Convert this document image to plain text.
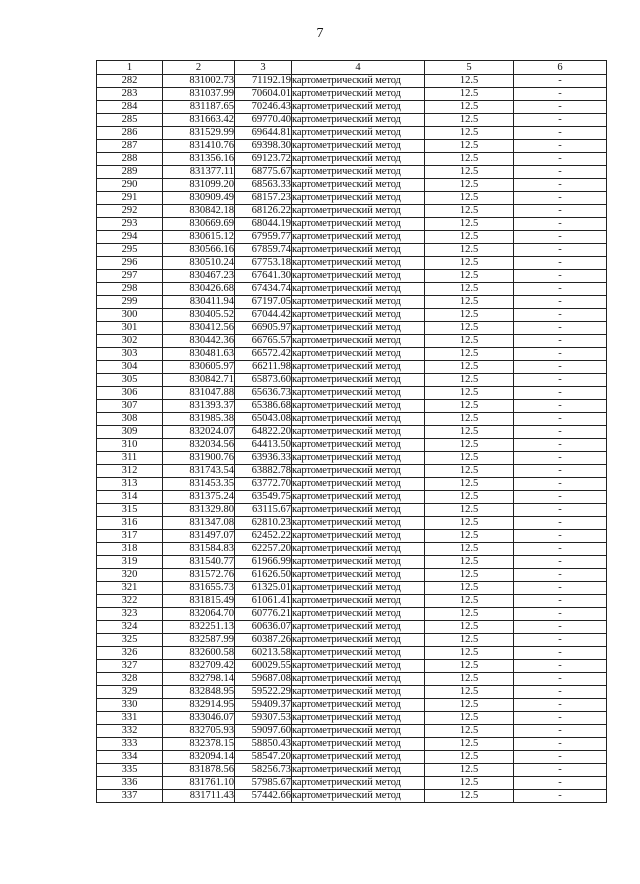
7
1	2	3	4	5	6
282	831002.73	71192.19	картометрический метод	12.5	-
283	831037.99	70604.01	картометрический метод	12.5	-
284	831187.65	70246.43	картометрический метод	12.5	-
285	831663.42	69770.40	картометрический метод	12.5	-
286	831529.99	69644.81	картометрический метод	12.5	-
287	831410.76	69398.30	картометрический метод	12.5	-
288	831356.16	69123.72	картометрический метод	12.5	-
289	831377.11	68775.67	картометрический метод	12.5	-
290	831099.20	68563.33	картометрический метод	12.5	-
291	830909.49	68157.23	картометрический метод	12.5	-
292	830842.18	68126.22	картометрический метод	12.5	-
293	830669.69	68044.19	картометрический метод	12.5	-
294	830615.12	67959.77	картометрический метод	12.5	-
295	830566.16	67859.74	картометрический метод	12.5	-
296	830510.24	67753.18	картометрический метод	12.5	-
297	830467.23	67641.30	картометрический метод	12.5	-
298	830426.68	67434.74	картометрический метод	12.5	-
299	830411.94	67197.05	картометрический метод	12.5	-
300	830405.52	67044.42	картометрический метод	12.5	-
301	830412.56	66905.97	картометрический метод	12.5	-
302	830442.36	66765.57	картометрический метод	12.5	-
303	830481.63	66572.42	картометрический метод	12.5	-
304	830605.97	66211.98	картометрический метод	12.5	-
305	830842.71	65873.60	картометрический метод	12.5	-
306	831047.88	65636.73	картометрический метод	12.5	-
307	831393.37	65386.68	картометрический метод	12.5	-
308	831985.38	65043.08	картометрический метод	12.5	-
309	832024.07	64822.20	картометрический метод	12.5	-
310	832034.56	64413.50	картометрический метод	12.5	-
311	831900.76	63936.33	картометрический метод	12.5	-
312	831743.54	63882.78	картометрический метод	12.5	-
313	831453.35	63772.70	картометрический метод	12.5	-
314	831375.24	63549.75	картометрический метод	12.5	-
315	831329.80	63115.67	картометрический метод	12.5	-
316	831347.08	62810.23	картометрический метод	12.5	-
317	831497.07	62452.22	картометрический метод	12.5	-
318	831584.83	62257.20	картометрический метод	12.5	-
319	831540.77	61966.99	картометрический метод	12.5	-
320	831572.76	61626.50	картометрический метод	12.5	-
321	831655.73	61325.01	картометрический метод	12.5	-
322	831815.49	61061.41	картометрический метод	12.5	-
323	832064.70	60776.21	картометрический метод	12.5	-
324	832251.13	60636.07	картометрический метод	12.5	-
325	832587.99	60387.26	картометрический метод	12.5	-
326	832600.58	60213.58	картометрический метод	12.5	-
327	832709.42	60029.55	картометрический метод	12.5	-
328	832798.14	59687.08	картометрический метод	12.5	-
329	832848.95	59522.29	картометрический метод	12.5	-
330	832914.95	59409.37	картометрический метод	12.5	-
331	833046.07	59307.53	картометрический метод	12.5	-
332	832705.93	59097.60	картометрический метод	12.5	-
333	832378.15	58850.43	картометрический метод	12.5	-
334	832094.14	58547.20	картометрический метод	12.5	-
335	831878.56	58256.73	картометрический метод	12.5	-
336	831761.10	57985.67	картометрический метод	12.5	-
337	831711.43	57442.66	картометрический метод	12.5	-
